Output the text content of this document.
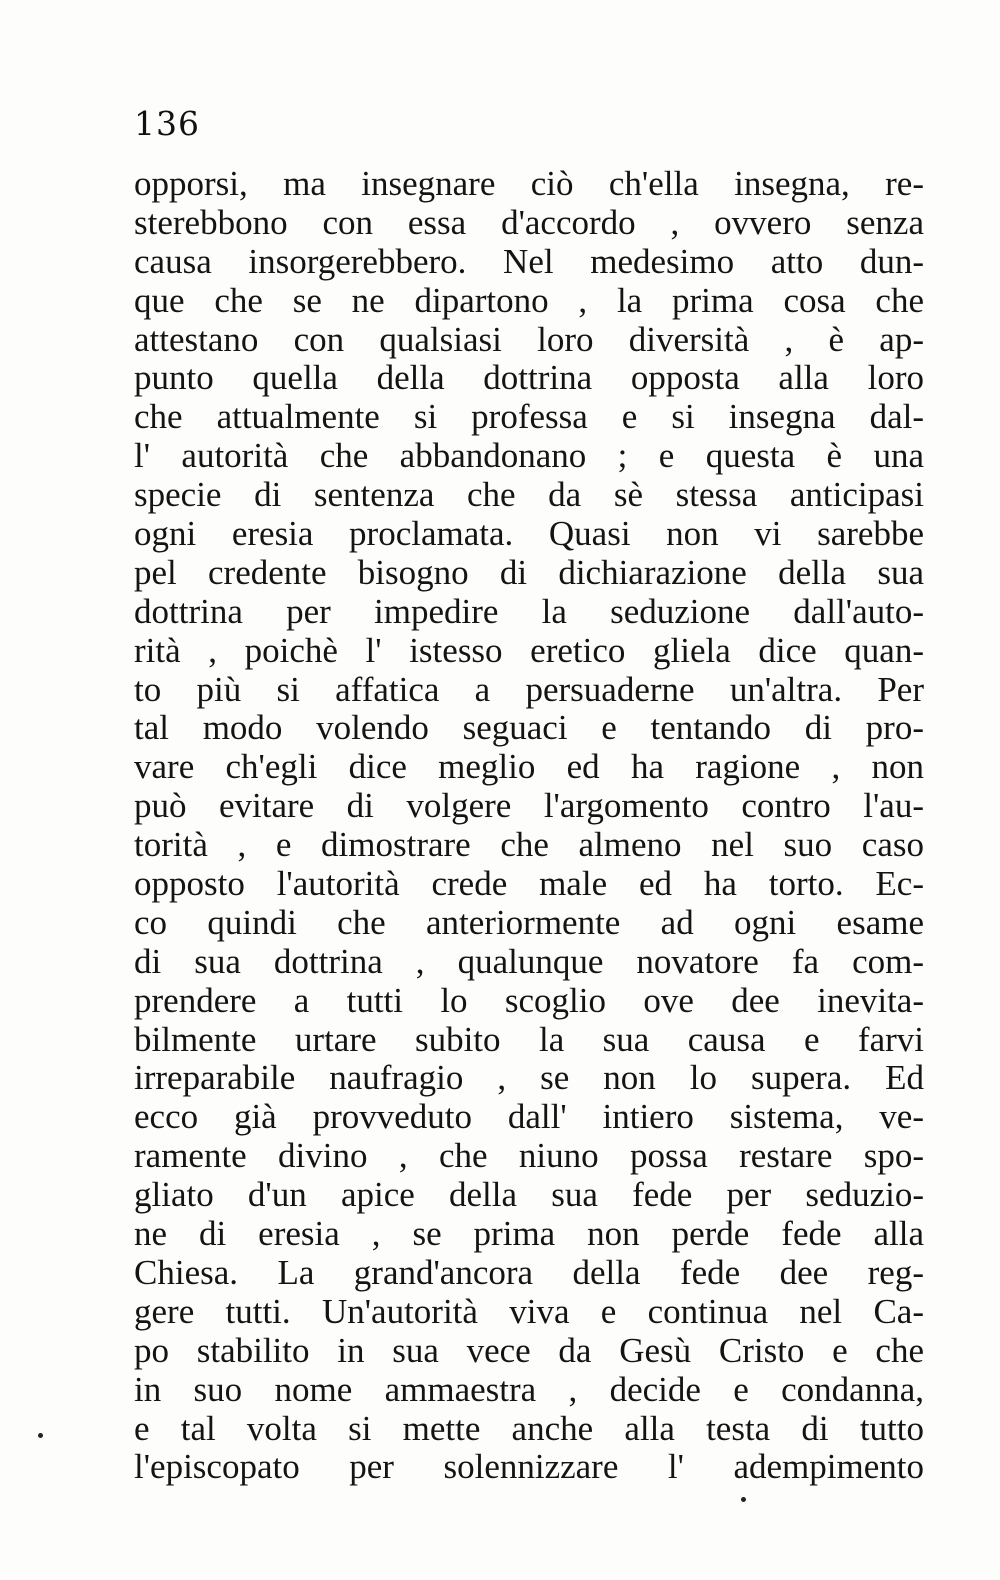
136
opporsi, ma insegnare ciò ch'ella insegna, re-
sterebbono con essa d'accordo , ovvero senza
causa insorgerebbero. Nel medesimo atto dun-
que che se ne dipartono , la prima cosa che
attestano con qualsiasi loro diversità , è ap-
punto quella della dottrina opposta alla loro
che attualmente si professa e si insegna dal-
l' autorità che abbandonano ; e questa è una
specie di sentenza che da sè stessa anticipasi
ogni eresia proclamata. Quasi non vi sarebbe
pel credente bisogno di dichiarazione della sua
dottrina per impedire la seduzione dall'auto-
rità , poichè l' istesso eretico gliela dice quan-
to più si affatica a persuaderne un'altra. Per
tal modo volendo seguaci e tentando di pro-
vare ch'egli dice meglio ed ha ragione , non
può evitare di volgere l'argomento contro l'au-
torità , e dimostrare che almeno nel suo caso
opposto l'autorità crede male ed ha torto. Ec-
co quindi che anteriormente ad ogni esame
di sua dottrina , qualunque novatore fa com-
prendere a tutti lo scoglio ove dee inevita-
bilmente urtare subito la sua causa e farvi
irreparabile naufragio , se non lo supera. Ed
ecco già provveduto dall' intiero sistema, ve-
ramente divino , che niuno possa restare spo-
gliato d'un apice della sua fede per seduzio-
ne di eresia , se prima non perde fede alla
Chiesa. La grand'ancora della fede dee reg-
gere tutti. Un'autorità viva e continua nel Ca-
po stabilito in sua vece da Gesù Cristo e che
in suo nome ammaestra , decide e condanna,
e tal volta si mette anche alla testa di tutto
l'episcopato per solennizzare l' adempimento
